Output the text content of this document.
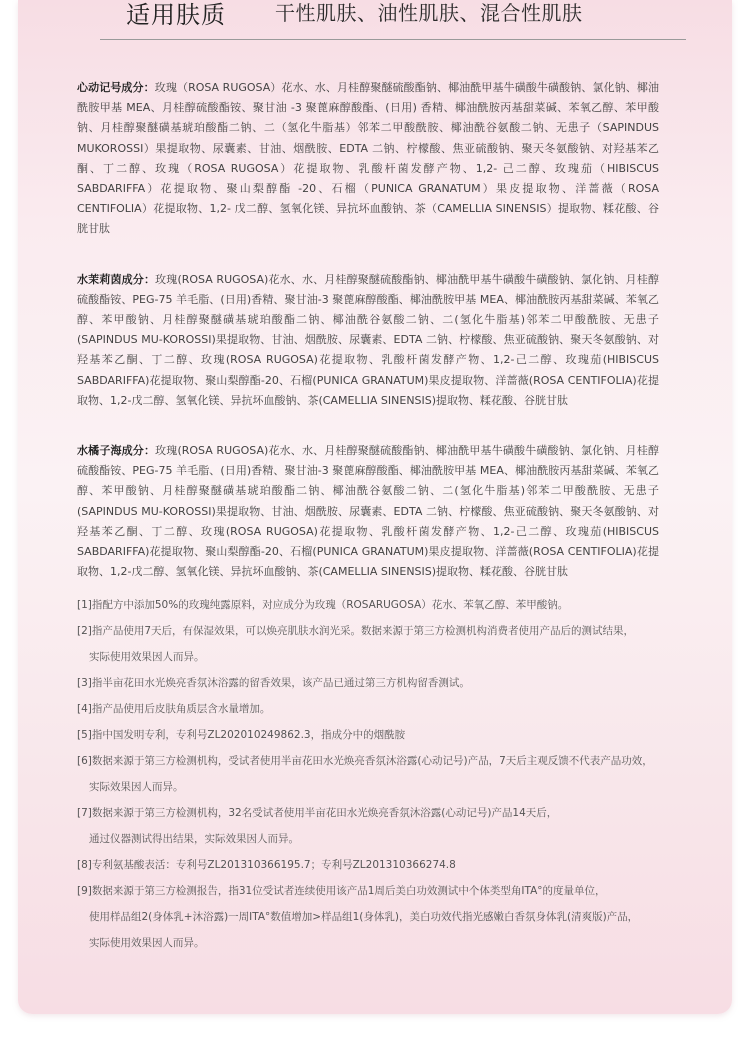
适用肤质 干性肌肤、油性肌肤、混合性肌肤

心动记号成分：玫瑰（ROSA RUGOSA）花水、水、月桂醇聚醚硫酸酯钠、椰油酰甲基牛磺酸牛磺酸钠、氯化钠、椰油酰胺甲基 MEA、月桂醇硫酸酯铵、聚甘油 -3 聚蓖麻醇酸酯、(日用) 香精、椰油酰胺丙基甜菜碱、苯氧乙醇、苯甲酸钠、月桂醇聚醚磺基琥珀酸酯二钠、二（氢化牛脂基）邻苯二甲酸酰胺、椰油酰谷氨酸二钠、无患子（SAPINDUS MUKOROSSI）果提取物、尿囊素、甘油、烟酰胺、EDTA 二钠、柠檬酸、焦亚硫酸钠、聚天冬氨酸钠、对羟基苯乙酮、丁二醇、玫瑰（ROSA RUGOSA）花提取物、乳酸杆菌发酵产物、1,2- 己二醇、玫瑰茄（HIBISCUS SABDARIFFA）花提取物、聚山梨醇酯 -20、石榴（PUNICA GRANATUM）果皮提取物、洋蔷薇（ROSA CENTIFOLIA）花提取物、1,2- 戊二醇、氢氧化镁、异抗坏血酸钠、茶（CAMELLIA SINENSIS）提取物、糅花酸、谷胱甘肽

水茉莉茵成分：玫瑰(ROSA RUGOSA)花水、水、月桂醇聚醚硫酸酯钠、椰油酰甲基牛磺酸牛磺酸钠、氯化钠、月桂醇硫酸酯铵、PEG-75 羊毛脂、(日用)香精、聚甘油-3 聚蓖麻醇酸酯、椰油酰胺甲基 MEA、椰油酰胺丙基甜菜碱、苯氧乙醇、苯甲酸钠、月桂醇聚醚磺基琥珀酸酯二钠、椰油酰谷氨酸二钠、二(氢化牛脂基)邻苯二甲酸酰胺、无患子(SAPINDUS MU-KOROSSI)果提取物、甘油、烟酰胺、尿囊素、EDTA 二钠、柠檬酸、焦亚硫酸钠、聚天冬氨酸钠、对羟基苯乙酮、丁二醇、玫瑰(ROSA RUGOSA)花提取物、乳酸杆菌发酵产物、1,2-己二醇、玫瑰茄(HIBISCUS SABDARIFFA)花提取物、聚山梨醇酯-20、石榴(PUNICA GRANATUM)果皮提取物、洋蔷薇(ROSA CENTIFOLIA)花提取物、1,2-戊二醇、氢氧化镁、异抗坏血酸钠、茶(CAMELLIA SINENSIS)提取物、糅花酸、谷胱甘肽

水橘子海成分：玫瑰(ROSA RUGOSA)花水、水、月桂醇聚醚硫酸酯钠、椰油酰甲基牛磺酸牛磺酸钠、氯化钠、月桂醇硫酸酯铵、PEG-75 羊毛脂、(日用)香精、聚甘油-3 聚蓖麻醇酸酯、椰油酰胺甲基 MEA、椰油酰胺丙基甜菜碱、苯氧乙醇、苯甲酸钠、月桂醇聚醚磺基琥珀酸酯二钠、椰油酰谷氨酸二钠、二(氢化牛脂基)邻苯二甲酸酰胺、无患子(SAPINDUS MU-KOROSSI)果提取物、甘油、烟酰胺、尿囊素、EDTA 二钠、柠檬酸、焦亚硫酸钠、聚天冬氨酸钠、对羟基苯乙酮、丁二醇、玫瑰(ROSA RUGOSA)花提取物、乳酸杆菌发酵产物、1,2-己二醇、玫瑰茄(HIBISCUS SABDARIFFA)花提取物、聚山梨醇酯-20、石榴(PUNICA GRANATUM)果皮提取物、洋蔷薇(ROSA CENTIFOLIA)花提取物、1,2-戊二醇、氢氧化镁、异抗坏血酸钠、茶(CAMELLIA SINENSIS)提取物、糅花酸、谷胱甘肽

[1]指配方中添加50%的玫瑰纯露原料，对应成分为玫瑰（ROSARUGOSA）花水、苯氧乙醇、苯甲酸钠。

[2]指产品使用7天后，有保湿效果，可以焕亮肌肤水润光采。数据来源于第三方检测机构消费者使用产品后的测试结果，
实际使用效果因人而异。

[3]指半亩花田水光焕亮香氛沐浴露的留香效果，该产品已通过第三方机构留香测试。

[4]指产品使用后皮肤角质层含水量增加。

[5]指中国发明专利，专利号ZL202010249862.3，指成分中的烟酰胺

[6]数据来源于第三方检测机构，受试者使用半亩花田水光焕亮香氛沐浴露(心动记号)产品，7天后主观反馈不代表产品功效，
实际效果因人而异。

[7]数据来源于第三方检测机构，32名受试者使用半亩花田水光焕亮香氛沐浴露(心动记号)产品14天后，
通过仪器测试得出结果，实际效果因人而异。

[8]专利氨基酸表活：专利号ZL201310366195.7；专利号ZL201310366274.8

[9]数据来源于第三方检测报告，指31位受试者连续使用该产品1周后美白功效测试中个体类型角ITA°的度量单位，
使用样品组2(身体乳+沐浴露)一周ITA°数值增加>样品组1(身体乳)，美白功效代指光感嫩白香氛身体乳(清爽版)产品，
实际使用效果因人而异。
